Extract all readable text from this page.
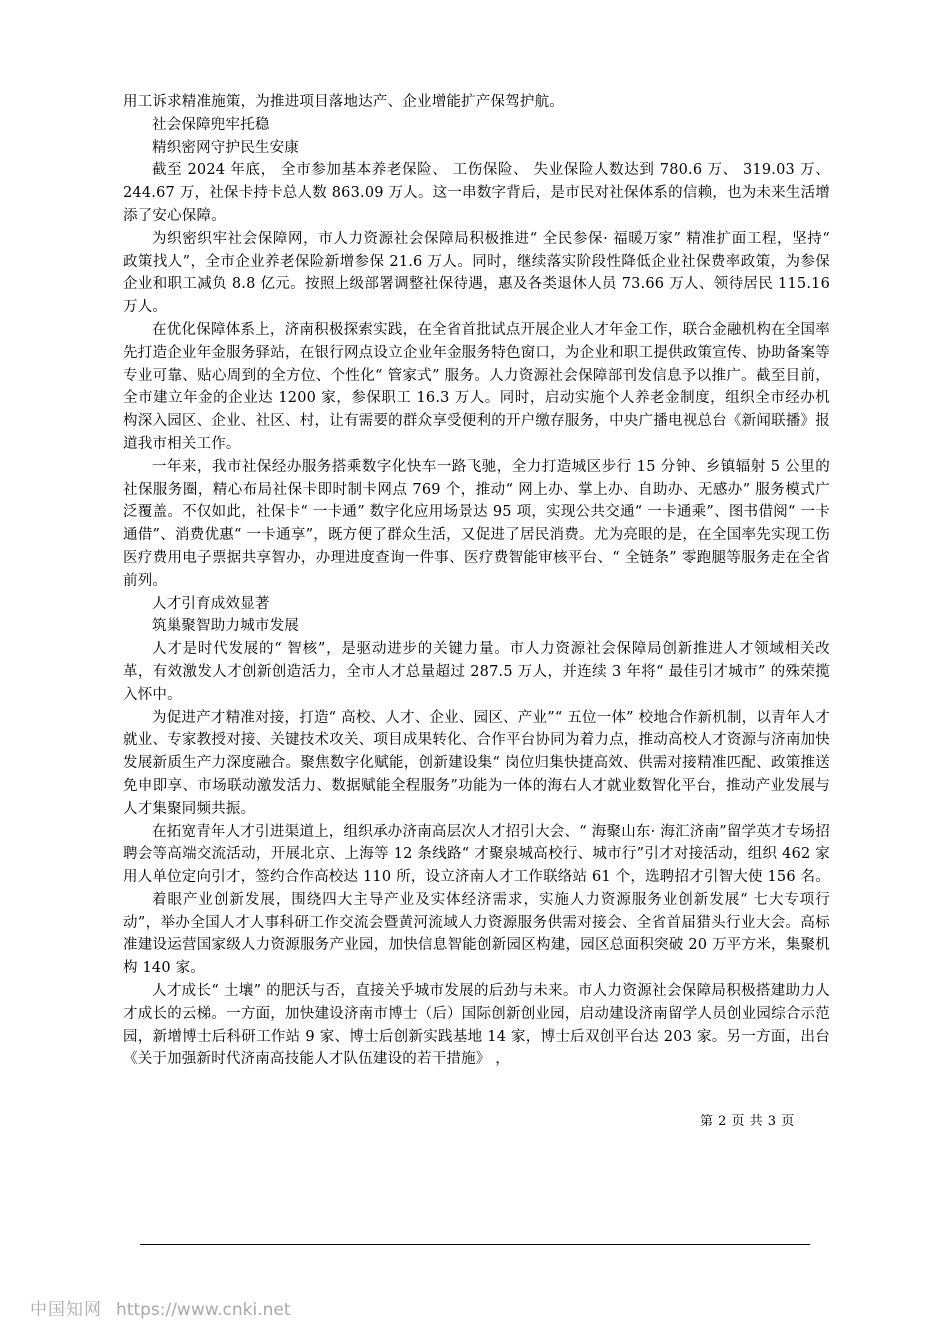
用工诉求精准施策，为推进项目落地达产、企业增能扩产保驾护航。

社会保障兜牢托稳

精织密网守护民生安康

截至 2024 年底， 全市参加基本养老保险、 工伤保险、 失业保险人数达到 780.6 万、 319.03 万、244.67 万，社保卡持卡总人数 863.09 万人。这一串数字背后，是市民对社保体系的信赖，也为未来生活增添了安心保障。

为织密织牢社会保障网，市人力资源社会保障局积极推进“ 全民参保· 福暖万家” 精准扩面工程，坚持“ 政策找人”，全市企业养老保险新增参保 21.6 万人。同时，继续落实阶段性降低企业社保费率政策，为参保企业和职工减负 8.8 亿元。按照上级部署调整社保待遇，惠及各类退休人员 73.66 万人、领待居民 115.16 万人。

在优化保障体系上，济南积极探索实践，在全省首批试点开展企业人才年金工作，联合金融机构在全国率先打造企业年金服务驿站，在银行网点设立企业年金服务特色窗口，为企业和职工提供政策宣传、协助备案等专业可靠、贴心周到的全方位、个性化“ 管家式” 服务。人力资源社会保障部刊发信息予以推广。截至目前，全市建立年金的企业达 1200 家，参保职工 16.3 万人。同时，启动实施个人养老金制度，组织全市经办机构深入园区、企业、社区、村，让有需要的群众享受便利的开户缴存服务，中央广播电视总台《新闻联播》报道我市相关工作。

一年来，我市社保经办服务搭乘数字化快车一路飞驰，全力打造城区步行 15 分钟、乡镇辐射 5 公里的社保服务圈，精心布局社保卡即时制卡网点 769 个，推动“ 网上办、掌上办、自助办、无感办” 服务模式广泛覆盖。不仅如此，社保卡“ 一卡通” 数字化应用场景达 95 项，实现公共交通“ 一卡通乘”、图书借阅“ 一卡通借”、消费优惠“ 一卡通享”，既方便了群众生活，又促进了居民消费。尤为亮眼的是，在全国率先实现工伤医疗费用电子票据共享智办，办理进度查询一件事、医疗费智能审核平台、“ 全链条” 零跑腿等服务走在全省前列。

人才引育成效显著

筑巢聚智助力城市发展

人才是时代发展的“ 智核”，是驱动进步的关键力量。市人力资源社会保障局创新推进人才领域相关改革，有效激发人才创新创造活力，全市人才总量超过 287.5 万人，并连续 3 年将“ 最佳引才城市” 的殊荣揽入怀中。

为促进产才精准对接，打造“ 高校、人才、企业、园区、产业”“ 五位一体” 校地合作新机制，以青年人才就业、专家教授对接、关键技术攻关、项目成果转化、合作平台协同为着力点，推动高校人才资源与济南加快发展新质生产力深度融合。聚焦数字化赋能，创新建设集“ 岗位归集快捷高效、供需对接精准匹配、政策推送免申即享、市场联动激发活力、数据赋能全程服务”功能为一体的海右人才就业数智化平台，推动产业发展与人才集聚同频共振。

在拓宽青年人才引进渠道上，组织承办济南高层次人才招引大会、“ 海聚山东· 海汇济南”留学英才专场招聘会等高端交流活动，开展北京、上海等 12 条线路“ 才聚泉城高校行、城市行”引才对接活动，组织 462 家用人单位定向引才，签约合作高校达 110 所，设立济南人才工作联络站 61 个，选聘招才引智大使 156 名。

着眼产业创新发展，围绕四大主导产业及实体经济需求，实施人力资源服务业创新发展“ 七大专项行动”，举办全国人才人事科研工作交流会暨黄河流域人力资源服务供需对接会、全省首届猎头行业大会。高标准建设运营国家级人力资源服务产业园，加快信息智能创新园区构建，园区总面积突破 20 万平方米，集聚机构 140 家。

人才成长“ 土壤” 的肥沃与否，直接关乎城市发展的后劲与未来。市人力资源社会保障局积极搭建助力人才成长的云梯。一方面，加快建设济南市博士（后）国际创新创业园，启动建设济南留学人员创业园综合示范园，新增博士后科研工作站 9 家、博士后创新实践基地 14 家，博士后双创平台达 203 家。另一方面，出台《关于加强新时代济南高技能人才队伍建设的若干措施》 ，

第 2 页 共 3 页
中国知网 https://www.cnki.net
